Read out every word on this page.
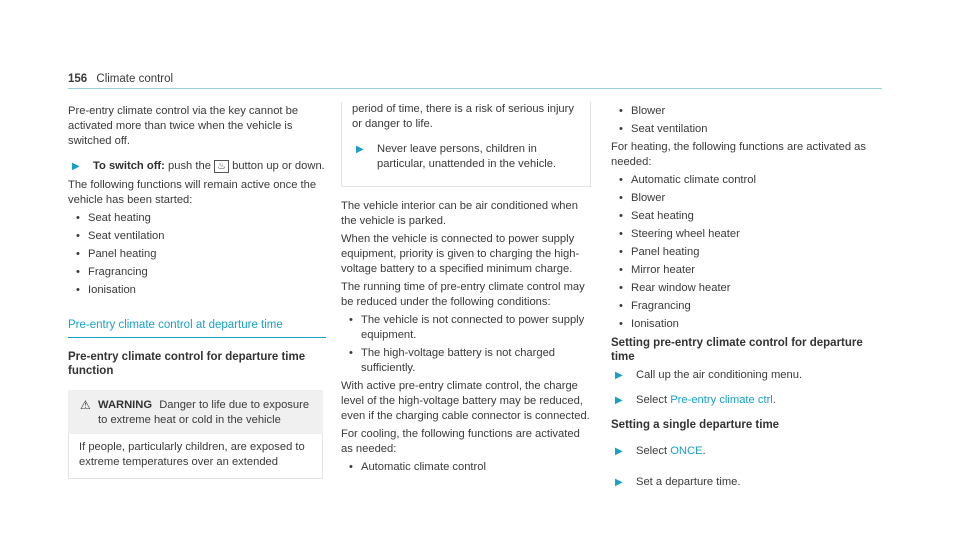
156 Climate control

Pre-entry climate control via the key cannot be activated more than twice when the vehicle is switched off.

▶ To switch off: push the ♨ button up or down.

The following functions will remain active once the vehicle has been started:

• Seat heating
• Seat ventilation
• Panel heating
• Fragrancing
• Ionisation
Pre-entry climate control at departure time
Pre-entry climate control for departure time function
⚠ WARNING Danger to life due to exposure to extreme heat or cold in the vehicle
If people, particularly children, are exposed to extreme temperatures over an extended

period of time, there is a risk of serious injury or danger to life.

▶ Never leave persons, children in particular, unattended in the vehicle.

The vehicle interior can be air conditioned when the vehicle is parked.

When the vehicle is connected to power supply equipment, priority is given to charging the high-voltage battery to a specified minimum charge.

The running time of pre-entry climate control may be reduced under the following conditions:

• The vehicle is not connected to power supply equipment.
• The high-voltage battery is not charged sufficiently.

With active pre-entry climate control, the charge level of the high-voltage battery may be reduced, even if the charging cable connector is connected.

For cooling, the following functions are activated as needed:

• Automatic climate control
• Blower
• Seat ventilation

For heating, the following functions are activated as needed:

• Automatic climate control
• Blower
• Seat heating
• Steering wheel heater
• Panel heating
• Mirror heater
• Rear window heater
• Fragrancing
• Ionisation
Setting pre-entry climate control for departure time
▶ Call up the air conditioning menu.
▶ Select Pre-entry climate ctrl.
Setting a single departure time
▶ Select ONCE.
▶ Set a departure time.
